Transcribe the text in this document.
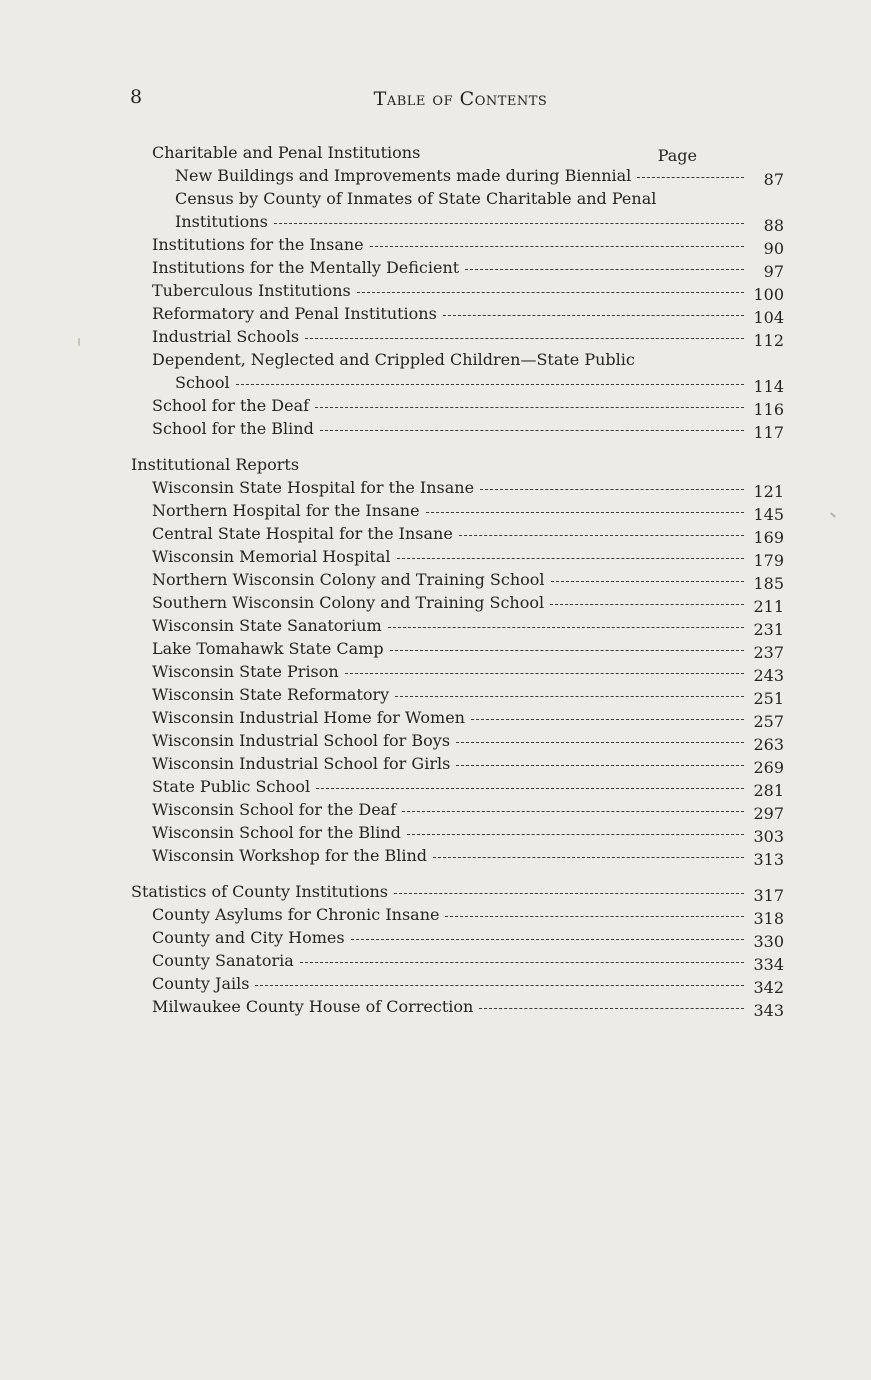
8	Table of Contents
Charitable and Penal Institutions	Page
New Buildings and Improvements made during Biennial	87
Census by County of Inmates of State Charitable and Penal
Institutions	88
Institutions for the Insane	90
Institutions for the Mentally Deficient	97
Tuberculous Institutions	100
Reformatory and Penal Institutions	104
Industrial Schools	112
Dependent, Neglected and Crippled Children—State Public
School	114
School for the Deaf	116
School for the Blind	117
Institutional Reports
Wisconsin State Hospital for the Insane	121
Northern Hospital for the Insane	145
Central State Hospital for the Insane	169
Wisconsin Memorial Hospital	179
Northern Wisconsin Colony and Training School	185
Southern Wisconsin Colony and Training School	211
Wisconsin State Sanatorium	231
Lake Tomahawk State Camp	237
Wisconsin State Prison	243
Wisconsin State Reformatory	251
Wisconsin Industrial Home for Women	257
Wisconsin Industrial School for Boys	263
Wisconsin Industrial School for Girls	269
State Public School	281
Wisconsin School for the Deaf	297
Wisconsin School for the Blind	303
Wisconsin Workshop for the Blind	313
Statistics of County Institutions	317
County Asylums for Chronic Insane	318
County and City Homes	330
County Sanatoria	334
County Jails	342
Milwaukee County House of Correction	343
